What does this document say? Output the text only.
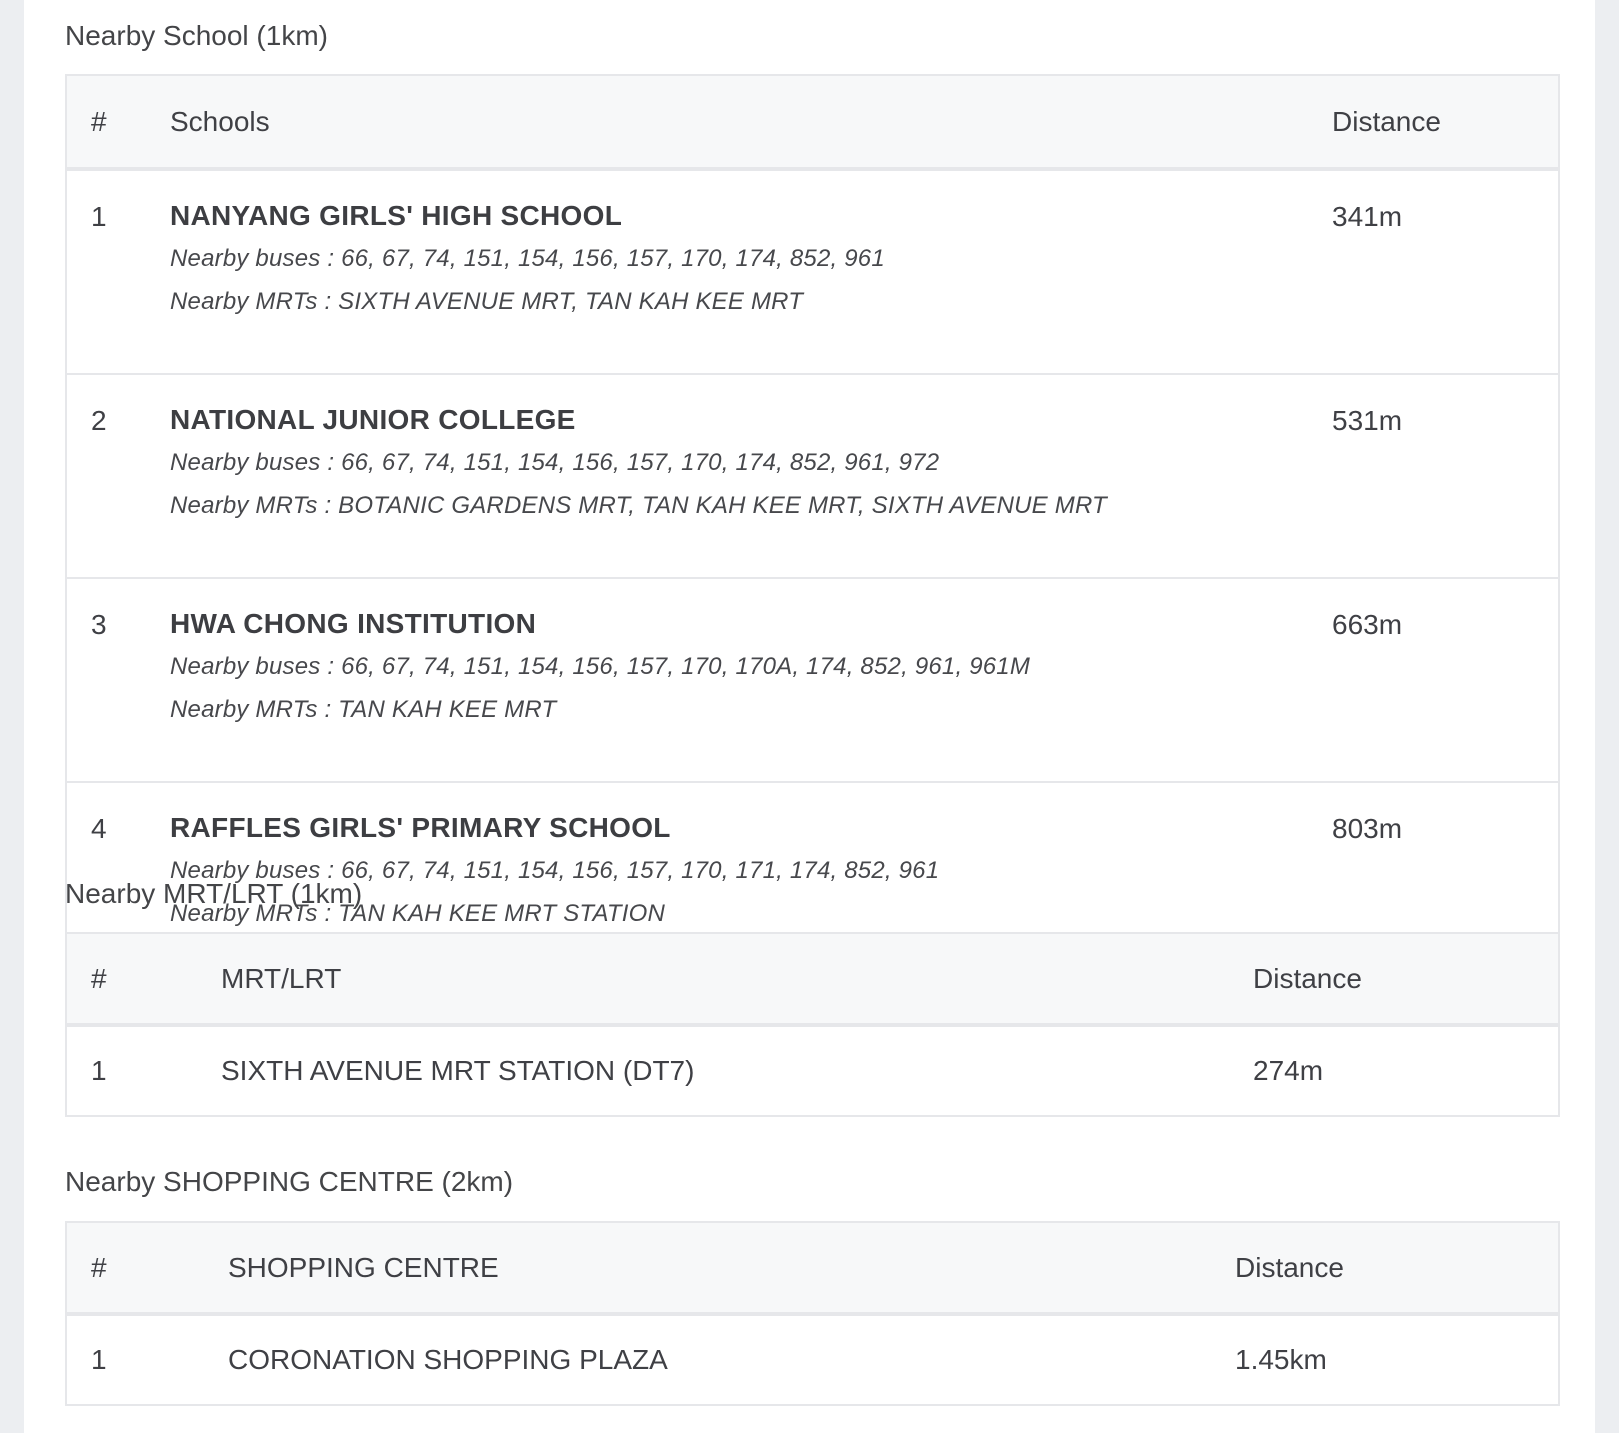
Nearby School (1km)
#	Schools	Distance
1	NANYANG GIRLS' HIGH SCHOOL
Nearby buses : 66, 67, 74, 151, 154, 156, 157, 170, 174, 852, 961
Nearby MRTs : SIXTH AVENUE MRT, TAN KAH KEE MRT	341m
2	NATIONAL JUNIOR COLLEGE
Nearby buses : 66, 67, 74, 151, 154, 156, 157, 170, 174, 852, 961, 972
Nearby MRTs : BOTANIC GARDENS MRT, TAN KAH KEE MRT, SIXTH AVENUE MRT	531m
3	HWA CHONG INSTITUTION
Nearby buses : 66, 67, 74, 151, 154, 156, 157, 170, 170A, 174, 852, 961, 961M
Nearby MRTs : TAN KAH KEE MRT	663m
4	RAFFLES GIRLS' PRIMARY SCHOOL
Nearby buses : 66, 67, 74, 151, 154, 156, 157, 170, 171, 174, 852, 961
Nearby MRTs : TAN KAH KEE MRT STATION	803m
Nearby MRT/LRT (1km)
#	MRT/LRT	Distance
1	SIXTH AVENUE MRT STATION (DT7)	274m
Nearby SHOPPING CENTRE (2km)
#	SHOPPING CENTRE	Distance
1	CORONATION SHOPPING PLAZA	1.45km
